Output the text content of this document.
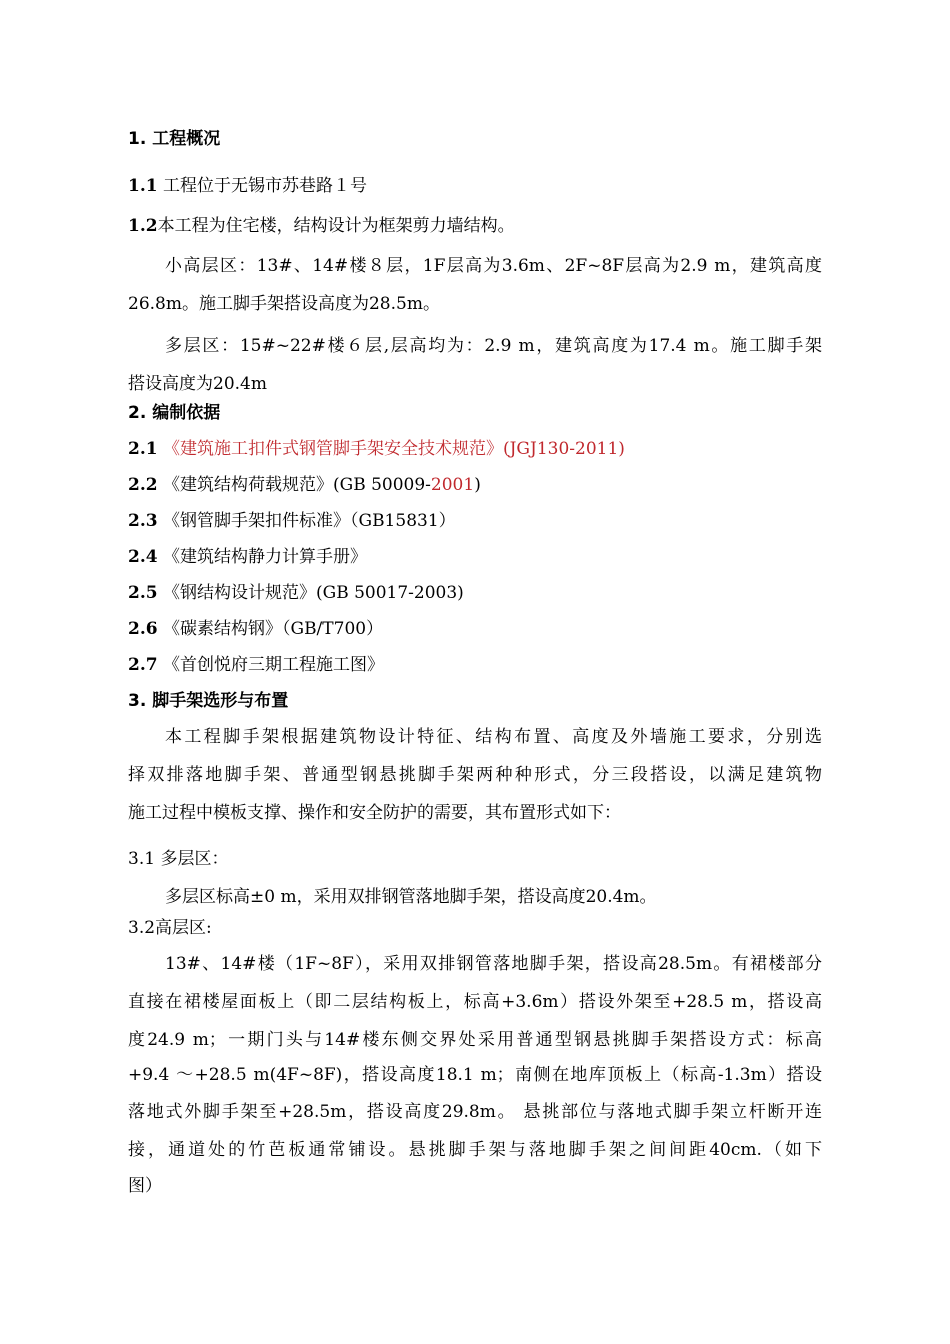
1. 工程概况
1.1 工程位于无锡市苏巷路１号
1.2本工程为住宅楼，结构设计为框架剪力墙结构。
小高层区：13#、14#楼８层，1F层高为3.6m、2F~8F层高为2.9 m，建筑高度
26.8m。施工脚手架搭设高度为28.5m。
多层区：15#~22#楼６层,层高均为：2.9 m，建筑高度为17.4 m。施工脚手架
搭设高度为20.4m
2. 编制依据
2.1 《建筑施工扣件式钢管脚手架安全技术规范》(JGJ130-2011)
2.2 《建筑结构荷载规范》(GB 50009-2001)
2.3 《钢管脚手架扣件标准》（GB15831）
2.4 《建筑结构静力计算手册》
2.5 《钢结构设计规范》(GB 50017-2003)
2.6 《碳素结构钢》（GB/T700）
2.7 《首创悦府三期工程施工图》
3. 脚手架选形与布置
本工程脚手架根据建筑物设计特征、结构布置、高度及外墙施工要求，分别选
择双排落地脚手架、普通型钢悬挑脚手架两种种形式，分三段搭设，以满足建筑物
施工过程中模板支撑、操作和安全防护的需要，其布置形式如下：
3.1 多层区：
多层区标高±0 m，采用双排钢管落地脚手架，搭设高度20.4m。
3.2高层区:
13#、14#楼（1F~8F），采用双排钢管落地脚手架，搭设高28.5m。有裙楼部分
直接在裙楼屋面板上（即二层结构板上，标高+3.6m）搭设外架至+28.5 m，搭设高
度24.9 m；一期门头与14#楼东侧交界处采用普通型钢悬挑脚手架搭设方式：标高
+9.4 ～+28.5 m(4F~8F)，搭设高度18.1 m；南侧在地库顶板上（标高-1.3m）搭设
落地式外脚手架至+28.5m，搭设高度29.8m。 悬挑部位与落地式脚手架立杆断开连
接，通道处的竹芭板通常铺设。悬挑脚手架与落地脚手架之间间距40cm.（如下
图）
